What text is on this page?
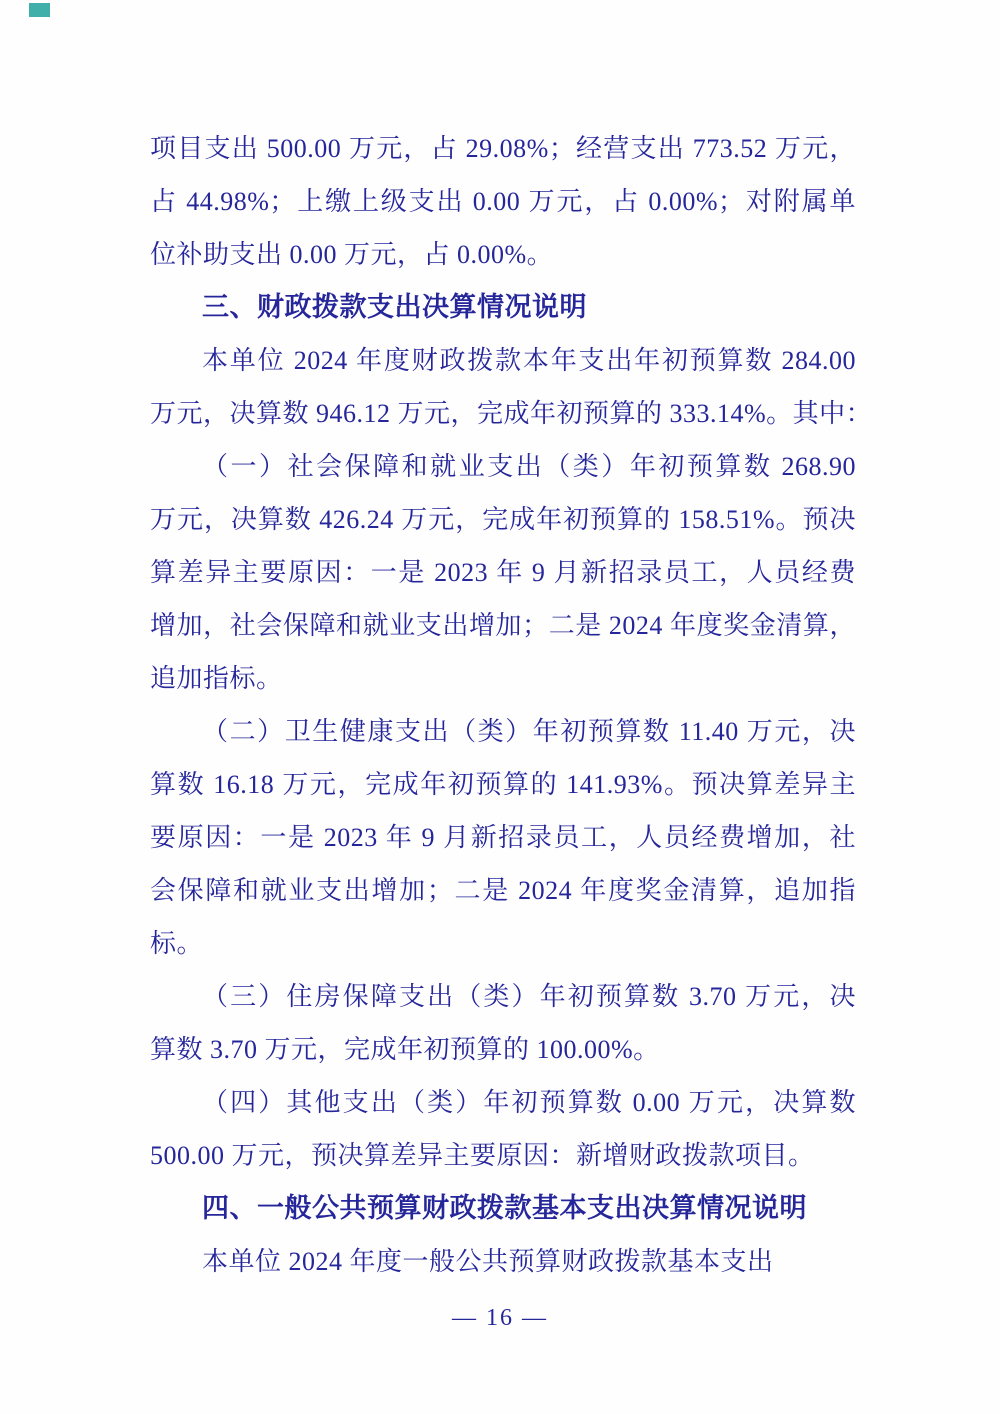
项目支出 500.00 万元，占 29.08%；经营支出 773.52 万元，
占 44.98%；上缴上级支出 0.00 万元，占 0.00%；对附属单
位补助支出 0.00 万元，占 0.00%。
三、财政拨款支出决算情况说明
本单位 2024 年度财政拨款本年支出年初预算数 284.00
万元，决算数 946.12 万元，完成年初预算的 333.14%。其中：
（一）社会保障和就业支出（类）年初预算数 268.90
万元，决算数 426.24 万元，完成年初预算的 158.51%。预决
算差异主要原因：一是 2023 年 9 月新招录员工，人员经费
增加，社会保障和就业支出增加；二是 2024 年度奖金清算，
追加指标。
（二）卫生健康支出（类）年初预算数 11.40 万元，决
算数 16.18 万元，完成年初预算的 141.93%。预决算差异主
要原因：一是 2023 年 9 月新招录员工，人员经费增加，社
会保障和就业支出增加；二是 2024 年度奖金清算，追加指
标。
（三）住房保障支出（类）年初预算数 3.70 万元，决
算数 3.70 万元，完成年初预算的 100.00%。
（四）其他支出（类）年初预算数 0.00 万元，决算数
500.00 万元，预决算差异主要原因：新增财政拨款项目。
四、一般公共预算财政拨款基本支出决算情况说明
本单位 2024 年度一般公共预算财政拨款基本支出
— 16 —
